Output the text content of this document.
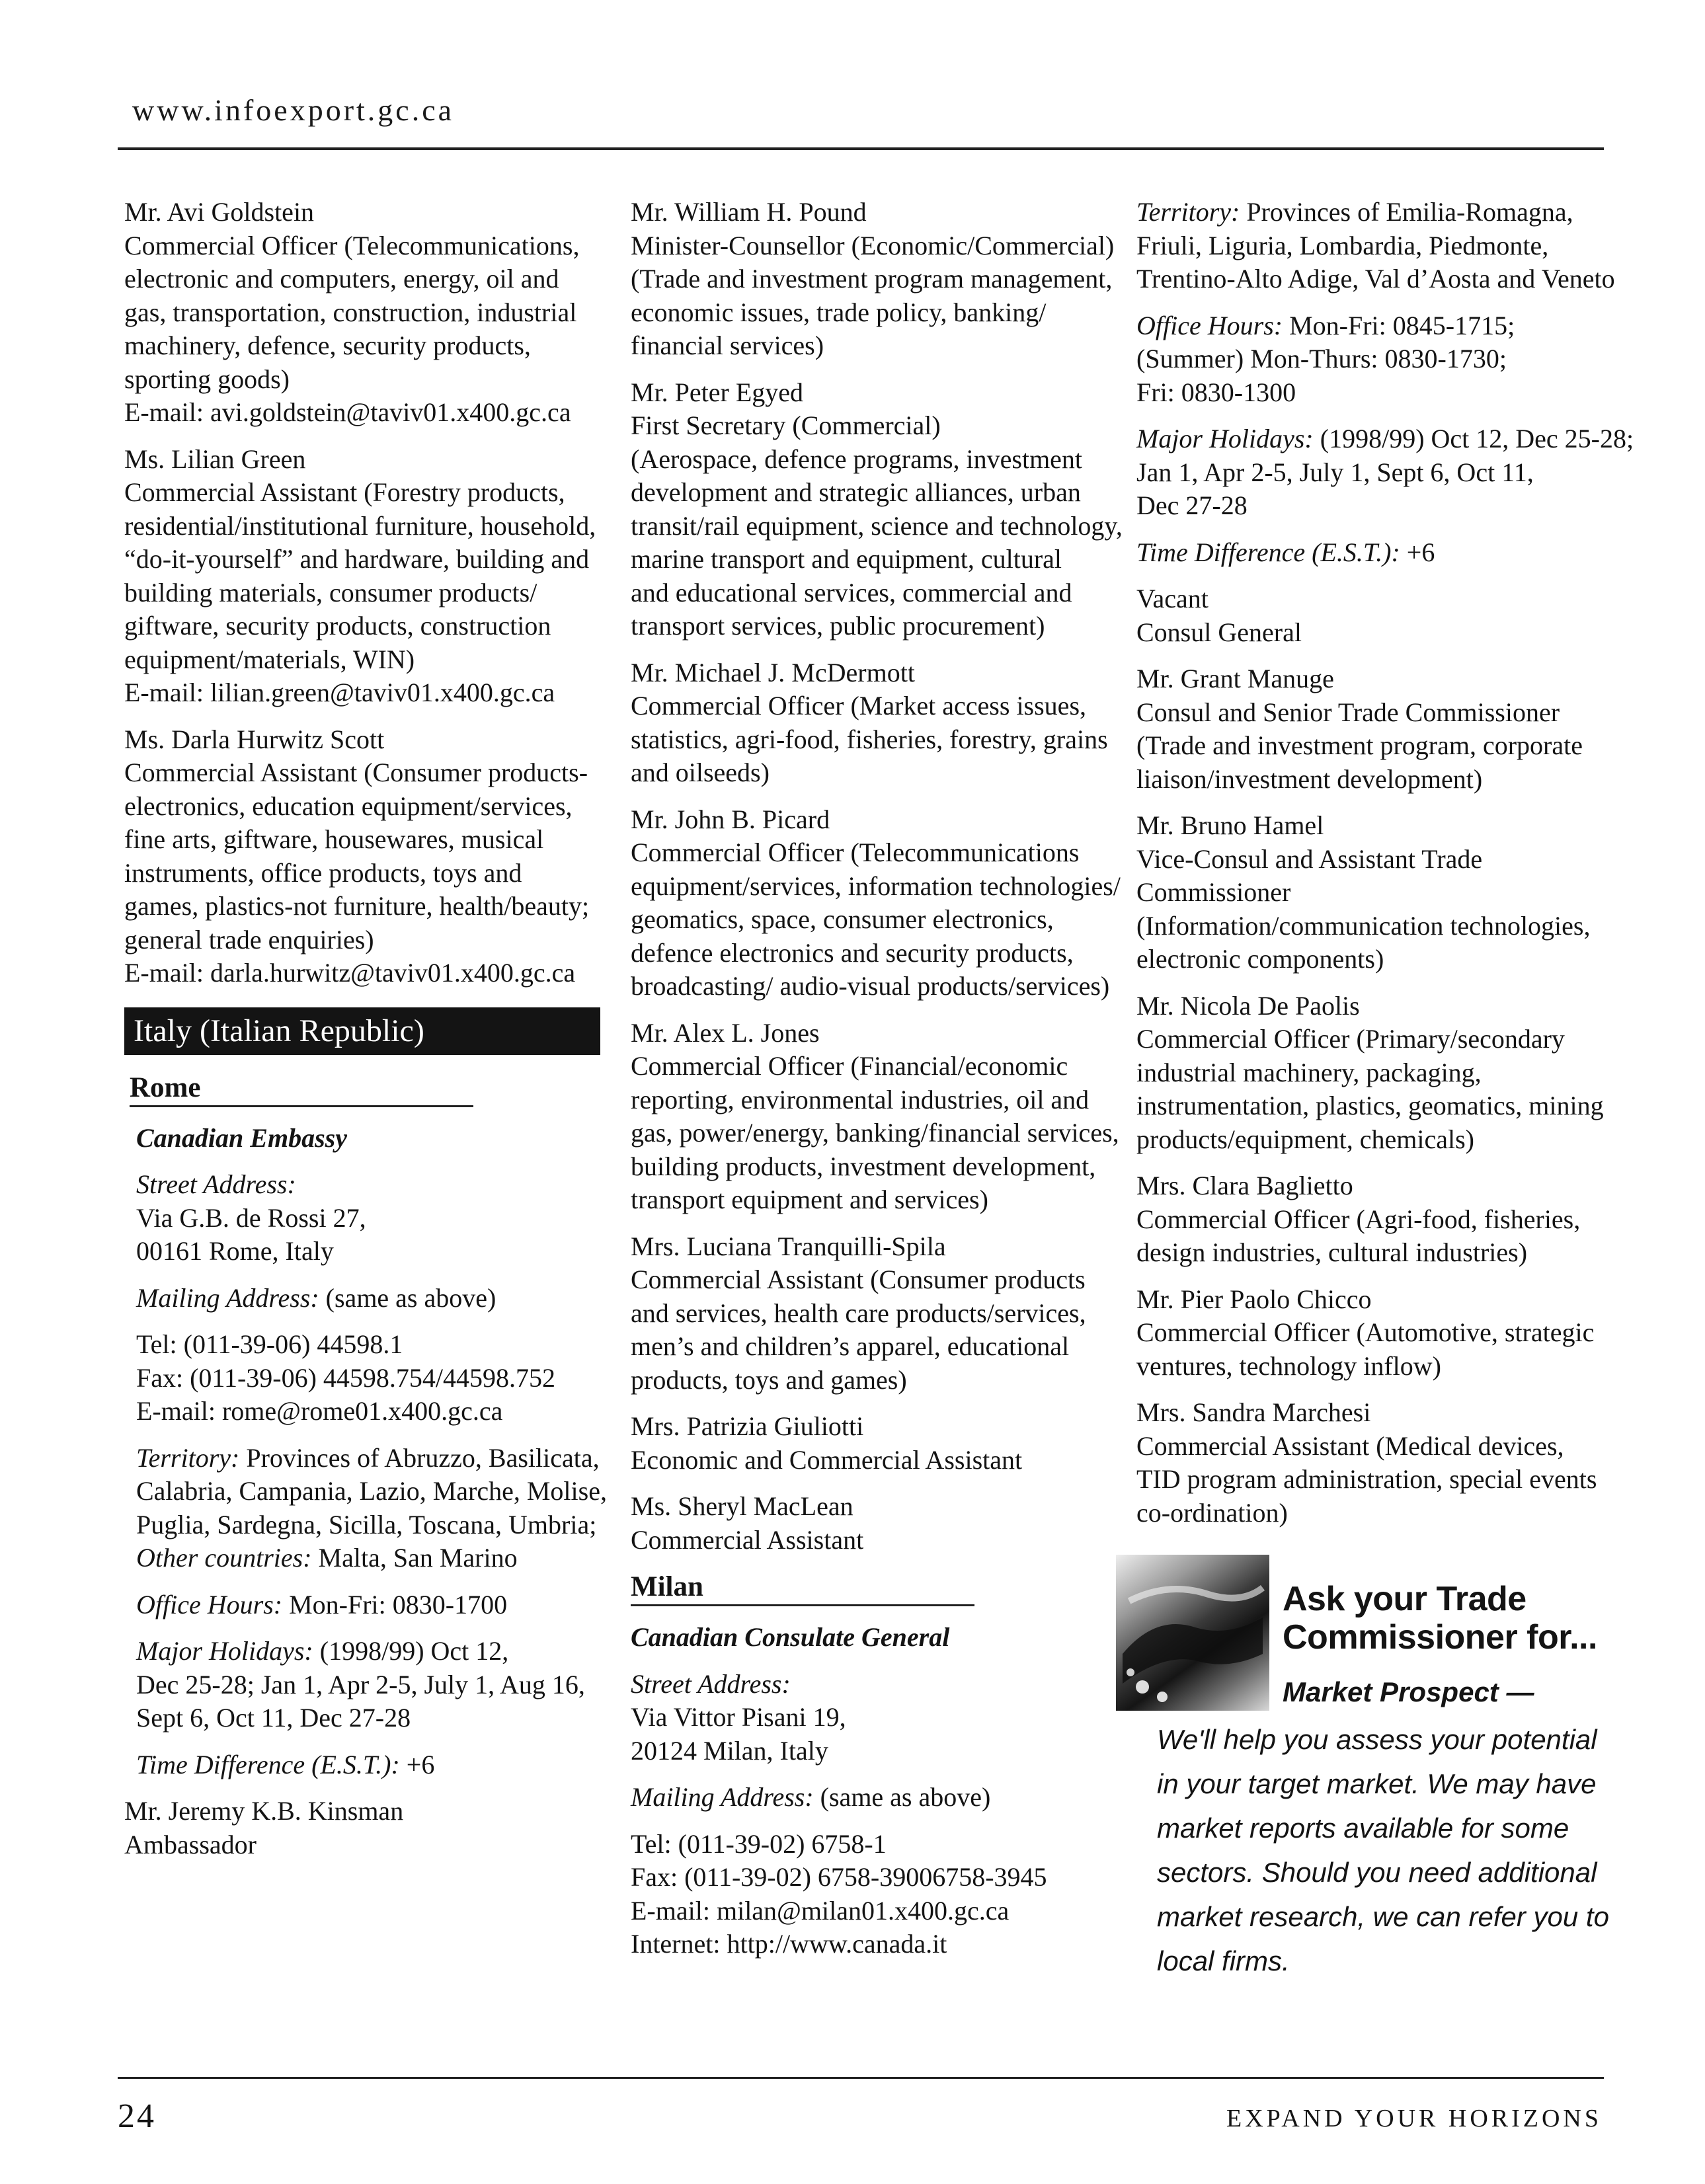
www.infoexport.gc.ca
Mr. Avi Goldstein
Commercial Officer (Telecommunications,
electronic and computers, energy, oil and
gas, transportation, construction, industrial
machinery, defence, security products,
sporting goods)
E-mail: avi.goldstein@taviv01.x400.gc.ca
Ms. Lilian Green
Commercial Assistant (Forestry products,
residential/institutional furniture, household,
“do-it-yourself” and hardware, building and
building materials, consumer products/
giftware, security products, construction
equipment/materials, WIN)
E-mail: lilian.green@taviv01.x400.gc.ca
Ms. Darla Hurwitz Scott
Commercial Assistant (Consumer products-
electronics, education equipment/services,
fine arts, giftware, housewares, musical
instruments, office products, toys and
games, plastics-not furniture, health/beauty;
general trade enquiries)
E-mail: darla.hurwitz@taviv01.x400.gc.ca
Italy (Italian Republic)
Rome
Canadian Embassy
Street Address:
Via G.B. de Rossi 27,
00161 Rome, Italy
Mailing Address: (same as above)
Tel: (011-39-06) 44598.1
Fax: (011-39-06) 44598.754/44598.752
E-mail: rome@rome01.x400.gc.ca
Territory: Provinces of Abruzzo, Basilicata,
Calabria, Campania, Lazio, Marche, Molise,
Puglia, Sardegna, Sicilla, Toscana, Umbria;
Other countries: Malta, San Marino
Office Hours: Mon-Fri: 0830-1700
Major Holidays: (1998/99) Oct 12,
Dec 25-28; Jan 1, Apr 2-5, July 1, Aug 16,
Sept 6, Oct 11, Dec 27-28
Time Difference (E.S.T.): +6
Mr. Jeremy K.B. Kinsman
Ambassador
Mr. William H. Pound
Minister-Counsellor (Economic/Commercial)
(Trade and investment program management,
economic issues, trade policy, banking/
financial services)
Mr. Peter Egyed
First Secretary (Commercial)
(Aerospace, defence programs, investment
development and strategic alliances, urban
transit/rail equipment, science and technology,
marine transport and equipment, cultural
and educational services, commercial and
transport services, public procurement)
Mr. Michael J. McDermott
Commercial Officer (Market access issues,
statistics, agri-food, fisheries, forestry, grains
and oilseeds)
Mr. John B. Picard
Commercial Officer (Telecommunications
equipment/services, information technologies/
geomatics, space, consumer electronics,
defence electronics and security products,
broadcasting/ audio-visual products/services)
Mr. Alex L. Jones
Commercial Officer (Financial/economic
reporting, environmental industries, oil and
gas, power/energy, banking/financial services,
building products, investment development,
transport equipment and services)
Mrs. Luciana Tranquilli-Spila
Commercial Assistant (Consumer products
and services, health care products/services,
men’s and children’s apparel, educational
products, toys and games)
Mrs. Patrizia Giuliotti
Economic and Commercial Assistant
Ms. Sheryl MacLean
Commercial Assistant
Milan
Canadian Consulate General
Street Address:
Via Vittor Pisani 19,
20124 Milan, Italy
Mailing Address: (same as above)
Tel: (011-39-02) 6758-1
Fax: (011-39-02) 6758-39006758-3945
E-mail: milan@milan01.x400.gc.ca
Internet: http://www.canada.it
Territory: Provinces of Emilia-Romagna,
Friuli, Liguria, Lombardia, Piedmonte,
Trentino-Alto Adige, Val d’Aosta and Veneto
Office Hours: Mon-Fri: 0845-1715;
(Summer) Mon-Thurs: 0830-1730;
Fri: 0830-1300
Major Holidays: (1998/99) Oct 12, Dec 25-28;
Jan 1, Apr 2-5, July 1, Sept 6, Oct 11,
Dec 27-28
Time Difference (E.S.T.): +6
Vacant
Consul General
Mr. Grant Manuge
Consul and Senior Trade Commissioner
(Trade and investment program, corporate
liaison/investment development)
Mr. Bruno Hamel
Vice-Consul and Assistant Trade
Commissioner
(Information/communication technologies,
electronic components)
Mr. Nicola De Paolis
Commercial Officer (Primary/secondary
industrial machinery, packaging,
instrumentation, plastics, geomatics, mining
products/equipment, chemicals)
Mrs. Clara Baglietto
Commercial Officer (Agri-food, fisheries,
design industries, cultural industries)
Mr. Pier Paolo Chicco
Commercial Officer (Automotive, strategic
ventures, technology inflow)
Mrs. Sandra Marchesi
Commercial Assistant (Medical devices,
TID program administration, special events
co-ordination)
Ask your Trade
Commissioner for...
Market Prospect —
We'll help you assess your potential
in your target market. We may have
market reports available for some
sectors. Should you need additional
market research, we can refer you to
local firms.
24	EXPAND YOUR HORIZONS
